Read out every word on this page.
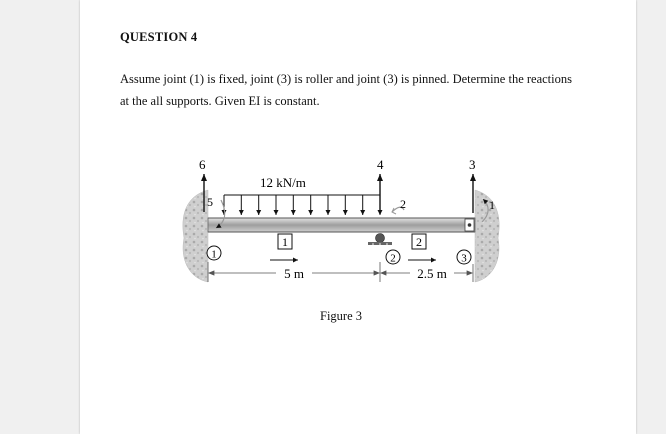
QUESTION 4
Assume joint (1) is fixed, joint (3) is roller and joint (3) is pinned. Determine the reactions
at the all supports. Given EI is constant.
12 kN/m
6
5
4
2
3
1
1	2	3
1	2
5 m	2.5 m
Figure 3
